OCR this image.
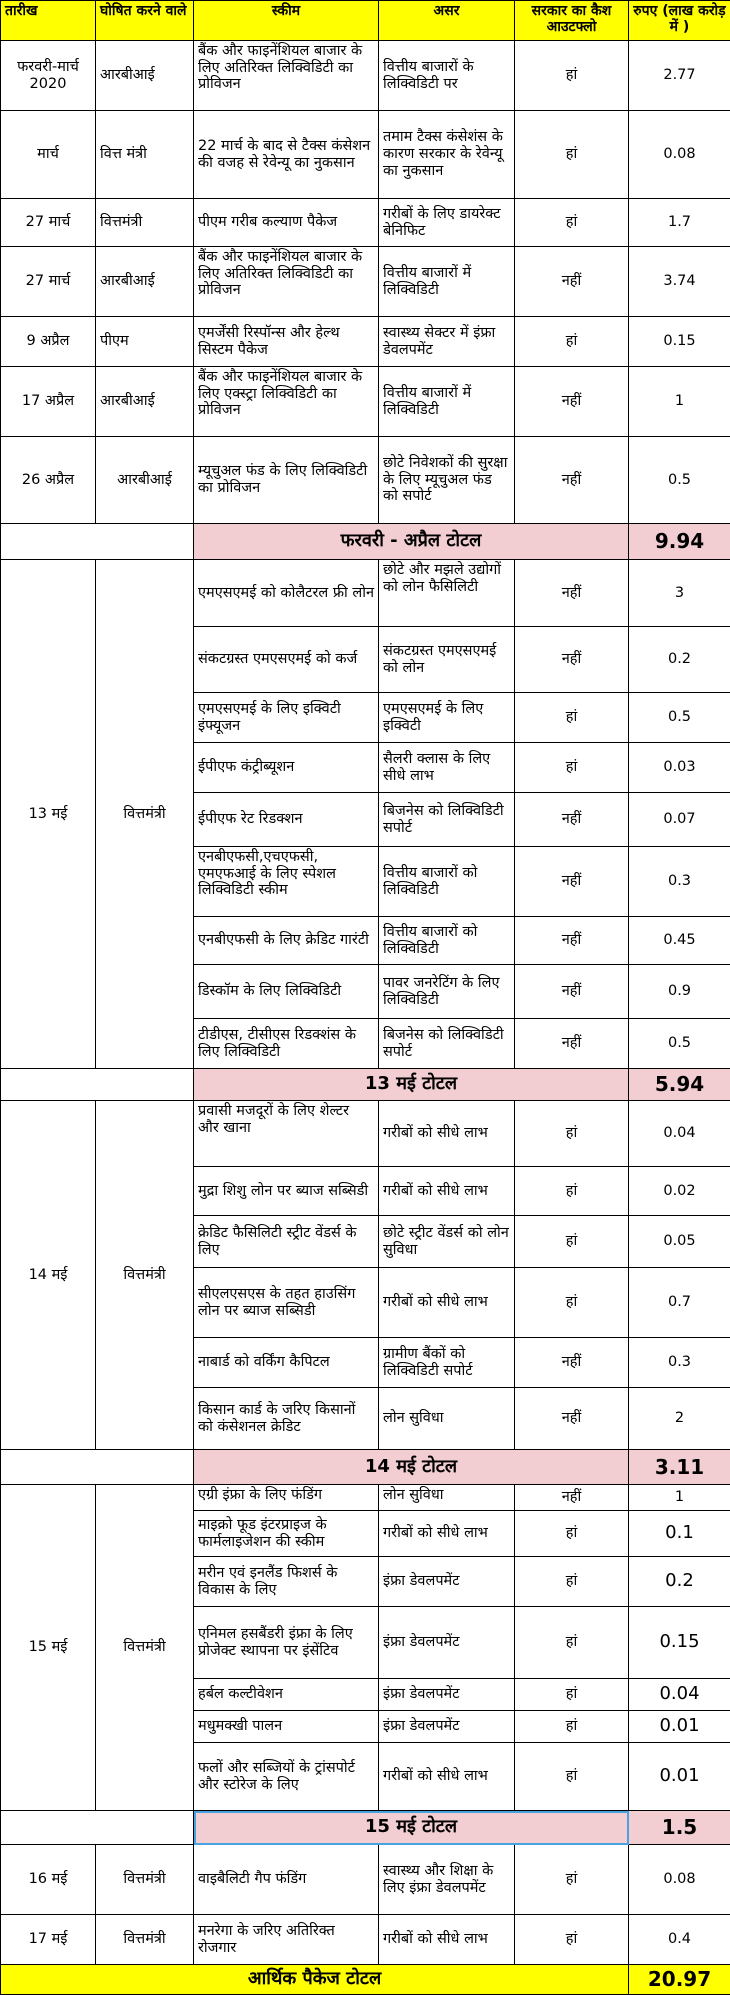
तारीख	घोषित करने वाले	स्कीम	असर	सरकार का कैश आउटफ्लो	रुपए (लाख करोड़ में )
फरवरी-मार्च 2020	आरबीआई	बैंक और फाइनेंशियल बाजार के लिए अतिरिक्त लिक्विडिटी का प्रोविजन	वित्तीय बाजारों के लिक्विडिटी पर	हां	2.77
मार्च	वित्त मंत्री	22 मार्च के बाद से टैक्स कंसेशन की वजह से रेवेन्यू का नुकसान	तमाम टैक्स कंसेशंस के कारण सरकार के रेवेन्यू का नुकसान	हां	0.08
27 मार्च	वित्तमंत्री	पीएम गरीब कल्याण पैकेज	गरीबों के लिए डायरेक्ट बेनिफिट	हां	1.7
27 मार्च	आरबीआई	बैंक और फाइनेंशियल बाजार के लिए अतिरिक्त लिक्विडिटी का प्रोविजन	वित्तीय बाजारों में लिक्विडिटी	नहीं	3.74
9 अप्रैल	पीएम	एमर्जेंसी रिस्पॉन्स और हेल्थ सिस्टम पैकेज	स्वास्थ्य सेक्टर में इंफ्रा डेवलपमेंट	हां	0.15
17 अप्रैल	आरबीआई	बैंक और फाइनेंशियल बाजार के लिए एक्स्ट्रा लिक्विडिटी का प्रोविजन	वित्तीय बाजारों में लिक्विडिटी	नहीं	1
26 अप्रैल	आरबीआई	म्यूचुअल फंड के लिए लिक्विडिटी का प्रोविजन	छोटे निवेशकों की सुरक्षा के लिए म्यूचुअल फंड को सपोर्ट	नहीं	0.5
		फरवरी - अप्रैल टोटल			9.94
13 मई	वित्तमंत्री	एमएसएमई को कोलैटरल फ्री लोन	छोटे और मझले उद्योगों को लोन फैसिलिटी	नहीं	3
		संकटग्रस्त एमएसएमई को कर्ज	संकटग्रस्त एमएसएमई को लोन	नहीं	0.2
		एमएसएमई के लिए इक्विटी इंफ्यूजन	एमएसएमई के लिए इक्विटी	हां	0.5
		ईपीएफ कंट्रीब्यूशन	सैलरी क्लास के लिए सीधे लाभ	हां	0.03
		ईपीएफ रेट रिडक्शन	बिजनेस को लिक्विडिटी सपोर्ट	नहीं	0.07
		एनबीएफसी,एचएफसी, एमएफआई के लिए स्पेशल लिक्विडिटी स्कीम	वित्तीय बाजारों को लिक्विडिटी	नहीं	0.3
		एनबीएफसी के लिए क्रेडिट गारंटी	वित्तीय बाजारों को लिक्विडिटी	नहीं	0.45
		डिस्कॉम के लिए लिक्विडिटी	पावर जनरेटिंग के लिए लिक्विडिटी	नहीं	0.9
		टीडीएस, टीसीएस रिडक्शंस के लिए लिक्विडिटी	बिजनेस को लिक्विडिटी सपोर्ट	नहीं	0.5
		13 मई टोटल			5.94
14 मई	वित्तमंत्री	प्रवासी मजदूरों के लिए शेल्टर और खाना	गरीबों को सीधे लाभ	हां	0.04
		मुद्रा शिशु लोन पर ब्याज सब्सिडी	गरीबों को सीधे लाभ	हां	0.02
		क्रेडिट फैसिलिटी स्ट्रीट वेंडर्स के लिए	छोटे स्ट्रीट वेंडर्स को लोन सुविधा	हां	0.05
		सीएलएसएस के तहत हाउसिंग लोन पर ब्याज सब्सिडी	गरीबों को सीधे लाभ	हां	0.7
		नाबार्ड को वर्किंग कैपिटल	ग्रामीण बैंकों को लिक्विडिटी सपोर्ट	नहीं	0.3
		किसान कार्ड के जरिए किसानों को कंसेशनल क्रेडिट	लोन सुविधा	नहीं	2
		14 मई टोटल			3.11
15 मई	वित्तमंत्री	एग्री इंफ्रा के लिए फंडिंग	लोन सुविधा	नहीं	1
		माइक्रो फूड इंटरप्राइज के फार्मलाइजेशन की स्कीम	गरीबों को सीधे लाभ	हां	0.1
		मरीन एवं इनलैंड फिशर्स के विकास के लिए	इंफ्रा डेवलपमेंट	हां	0.2
		एनिमल हसबैंडरी इंफ्रा के लिए प्रोजेक्ट स्थापना पर इंसेंटिव	इंफ्रा डेवलपमेंट	हां	0.15
		हर्बल कल्टीवेशन	इंफ्रा डेवलपमेंट	हां	0.04
		मधुमक्खी पालन	इंफ्रा डेवलपमेंट	हां	0.01
		फलों और सब्जियों के ट्रांसपोर्ट और स्टोरेज के लिए	गरीबों को सीधे लाभ	हां	0.01
		15 मई टोटल			1.5
16 मई	वित्तमंत्री	वाइबैलिटी गैप फंडिंग	स्वास्थ्य और शिक्षा के लिए इंफ्रा डेवलपमेंट	हां	0.08
17 मई	वित्तमंत्री	मनरेगा के जरिए अतिरिक्त रोजगार	गरीबों को सीधे लाभ	हां	0.4
आर्थिक पैकेज टोटल					20.97
